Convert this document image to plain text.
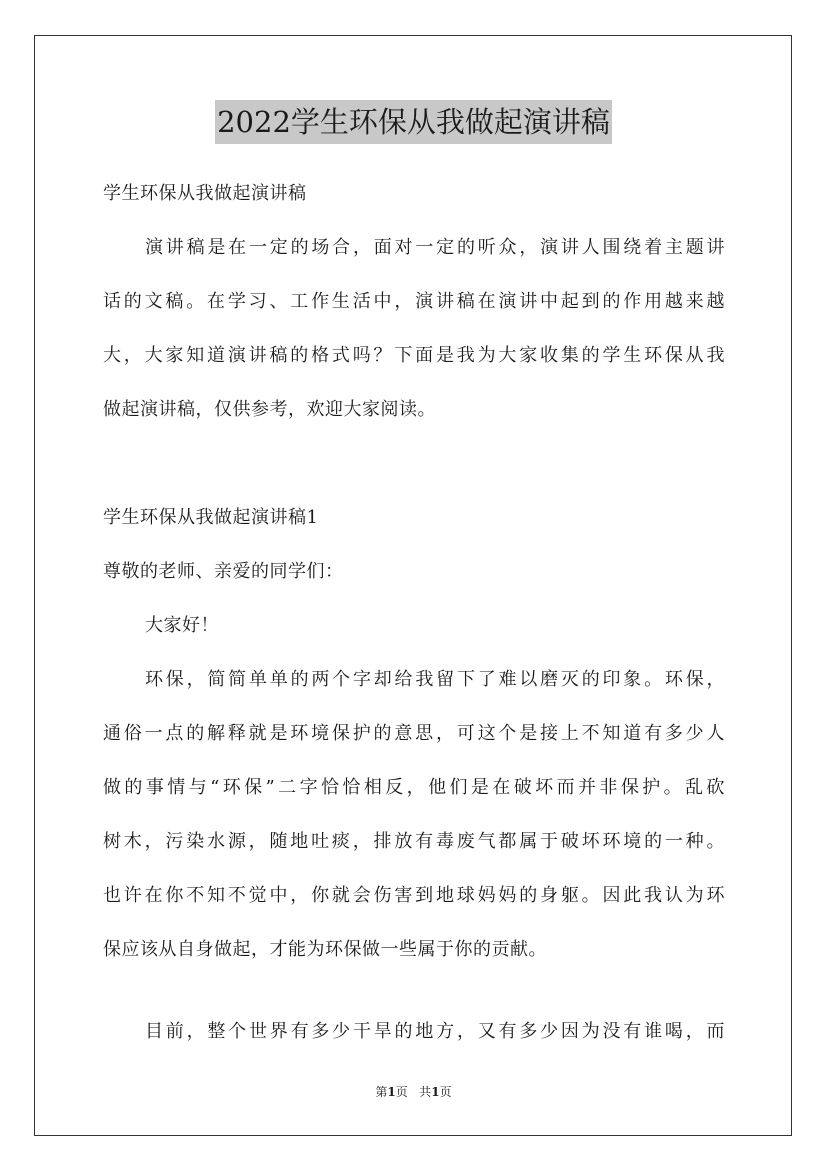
2022学生环保从我做起演讲稿
学生环保从我做起演讲稿
演讲稿是在一定的场合，面对一定的听众，演讲人围绕着主题讲
话的文稿。在学习、工作生活中，演讲稿在演讲中起到的作用越来越
大，大家知道演讲稿的格式吗？下面是我为大家收集的学生环保从我
做起演讲稿，仅供参考，欢迎大家阅读。
学生环保从我做起演讲稿1
尊敬的老师、亲爱的同学们：
大家好！
环保，简简单单的两个字却给我留下了难以磨灭的印象。环保，
通俗一点的解释就是环境保护的意思，可这个是接上不知道有多少人
做的事情与“环保”二字恰恰相反，他们是在破坏而并非保护。乱砍
树木，污染水源，随地吐痰，排放有毒废气都属于破坏环境的一种。
也许在你不知不觉中，你就会伤害到地球妈妈的身躯。因此我认为环
保应该从自身做起，才能为环保做一些属于你的贡献。
目前，整个世界有多少干旱的地方，又有多少因为没有谁喝，而
第1页 共1页
